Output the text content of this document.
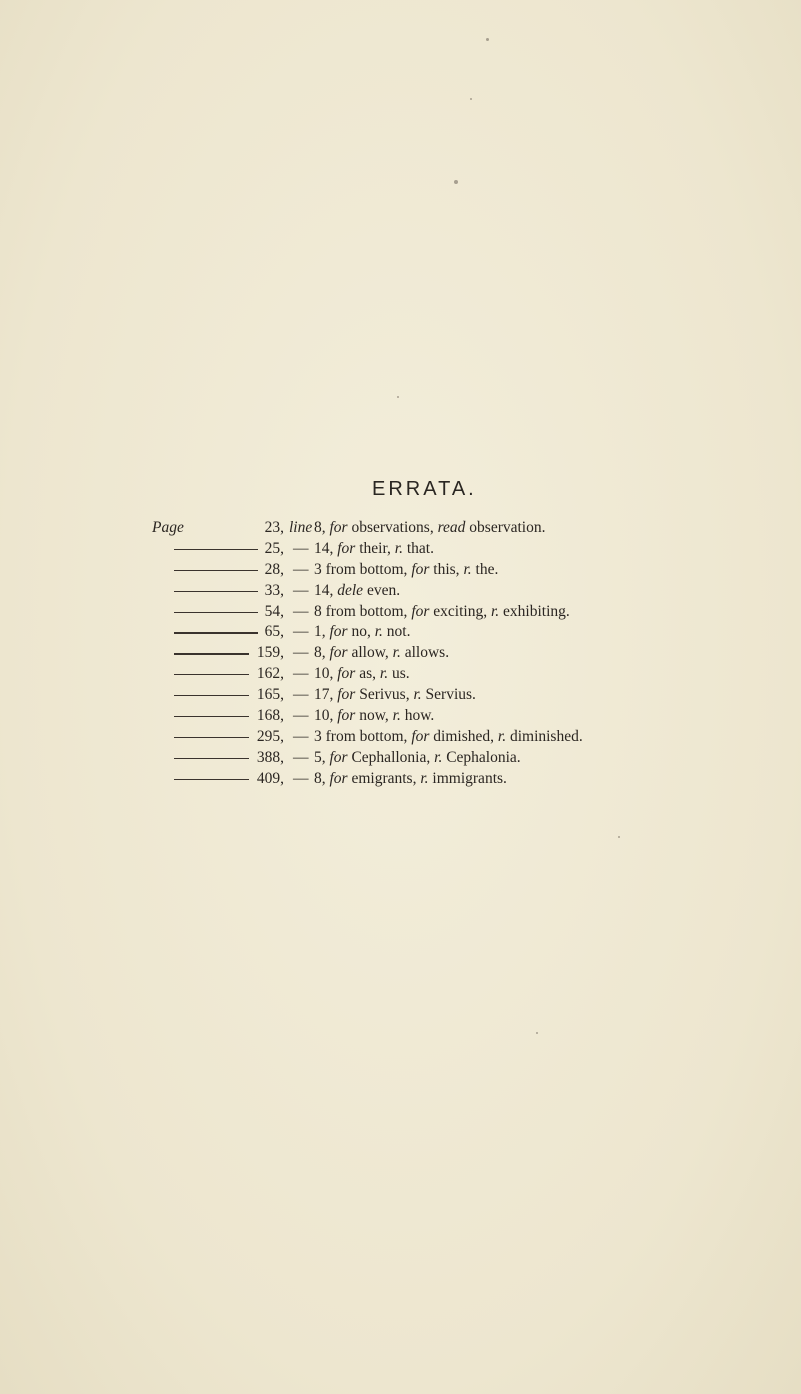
ERRATA.
Page	23, line 8, for observations, read observation.
25, — 14, for their, r. that.
28, — 3 from bottom, for this, r. the.
33, — 14, dele even.
54, — 8 from bottom, for exciting, r. exhibiting.
65, — 1, for no, r. not.
159, — 8, for allow, r. allows.
162, — 10, for as, r. us.
165, — 17, for Serivus, r. Servius.
168, — 10, for now, r. how.
295, — 3 from bottom, for dimished, r. diminished.
388, — 5, for Cephallonia, r. Cephalonia.
409, — 8, for emigrants, r. immigrants.
